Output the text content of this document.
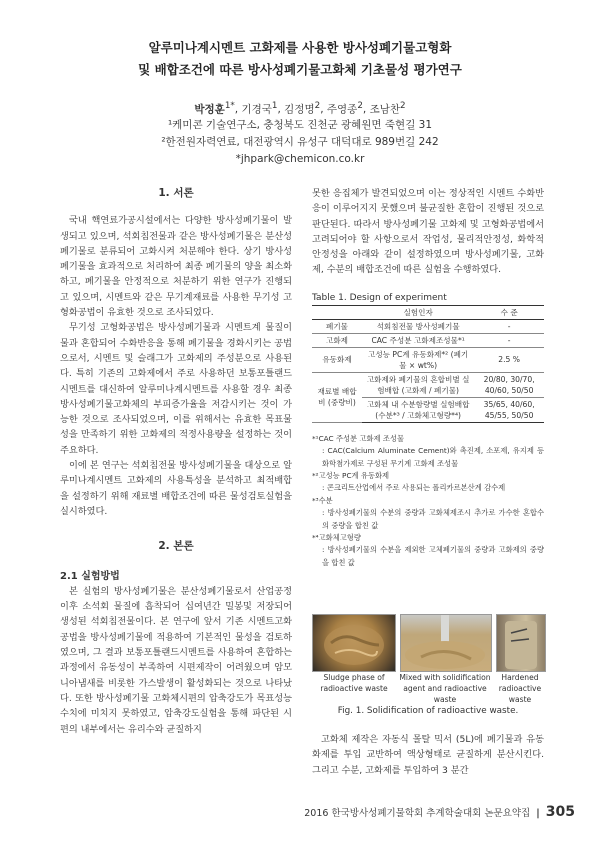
알루미나계시멘트 고화제를 사용한 방사성폐기물고형화
및 배합조건에 따른 방사성폐기물고화체 기초물성 평가연구
박정훈$^{1*}$, 기경국$^1$, 김정명$^2$, 주영종$^2$, 조남찬$^2$
¹케미콘 기술연구소, 충청북도 진천군 광혜원면 죽현길 31
²한전원자력연료, 대전광역시 유성구 대덕대로 989번길 242
*jhpark@chemicon.co.kr

1. 서론

국내 핵연료가공시설에서는 다양한 방사성폐기물이 발생되고 있으며, 석회침전물과 같은 방사성폐기물은 분산성폐기물로 분류되어 고화시켜 처분해야 한다. 상기 방사성폐기물을 효과적으로 처리하여 최종 폐기물의 양을 최소화하고, 폐기물을 안정적으로 처분하기 위한 연구가 진행되고 있으며, 시멘트와 같은 무기계재료를 사용한 무기성 고형화공법이 유효한 것으로 조사되었다.

무기성 고형화공법은 방사성폐기물과 시멘트계 물질이 물과 혼합되어 수화반응을 통해 폐기물을 경화시키는 공법으로서, 시멘트 및 슬래그가 고화제의 주성분으로 사용된다. 특히 기존의 고화제에서 주로 사용하던 보통포틀랜드시멘트를 대신하여 알루미나계시멘트를 사용할 경우 최종 방사성폐기물고화체의 부피증가율을 저감시키는 것이 가능한 것으로 조사되었으며, 이를 위해서는 유효한 목표물성을 만족하기 위한 고화제의 적정사용량을 설정하는 것이 주요하다.

이에 본 연구는 석회침전물 방사성폐기물을 대상으로 알루미나계시멘트 고화제의 사용특성을 분석하고 최적배합을 설정하기 위해 재료별 배합조건에 따른 물성검토실험을 실시하였다.

2. 본론

2.1 실험방법

본 실험의 방사성폐기물은 분산성폐기물로서 산업공정 이후 소석회 물질에 흡착되어 십여년간 밀봉및 저장되어 생성된 석회침전물이다. 본 연구에 앞서 기존 시멘트고화공법을 방사성폐기물에 적용하여 기본적인 물성을 검토하였으며, 그 결과 보통포틀랜드시멘트를 사용하여 혼합하는 과정에서 유동성이 부족하여 시편제작이 어려웠으며 암모니아냄새를 비롯한 가스발생이 활성화되는 것으로 나타났다. 또한 방사성폐기물 고화체시편의 압축강도가 목표성능수치에 미치지 못하였고, 압축강도실험을 통해 파단된 시편의 내부에서는 유리수와 균질하지

못한 응집체가 발견되었으며 이는 정상적인 시멘트 수화반응이 이루어지지 못했으며 불균질한 혼합이 진행된 것으로 판단된다. 따라서 방사성폐기물 고화제 및 고형화공법에서 고려되어야 할 사항으로서 작업성, 물리적안정성, 화학적안정성을 아래와 같이 설정하였으며 방사성폐기물, 고화제, 수분의 배합조건에 따른 실험을 수행하였다.

Table 1. Design of experiment
	실험인자	수 준
폐기물	석회침전물 방사성폐기물	-
고화제	CAC 주성분 고화제조성물*¹	-
유동화제	고성능 PC계 유동화제*² (폐기물 × wt%)	2.5 %
재료별 배합비 (중량비)	고화제와 폐기물의 혼합비별 실험배합 (고화제 / 폐기물)	20/80, 30/70, 40/60, 50/50
	고화체 내 수분함량별 실험배합 (수분*³ / 고화체고형량*⁴)	35/65, 40/60, 45/55, 50/50
*¹CAC 주성분 고화제 조성물
: CAC(Calcium Aluminate Cement)와 촉진제, 소포제, 유지제 등 화학첨가제로 구성된 무기계 고화제 조성물
*²고성능 PC계 유동화제
: 콘크리트산업에서 주로 사용되는 폴리카르본산계 감수제
*³수분
: 방사성폐기물의 수분의 중량과 고화체제조시 추가로 가수한 혼합수의 중량을 합친 값
*⁴고화체고형량
: 방사성폐기물의 수분을 제외한 고체폐기물의 중량과 고화제의 중량을 합친 값
Sludge phase of radioactive waste
Mixed with solidification agent and radioactive waste
Hardened radioactive waste
Fig. 1. Solidification of radioactive waste.

고화체 제작은 자동식 몰탈 믹서 (5L)에 폐기물과 유동화제를 투입 교반하여 액상형태로 균질하게 분산시킨다. 그리고 수분, 고화제를 투입하여 3 분간

2016 한국방사성폐기물학회 추계학술대회 논문요약집 | 305
